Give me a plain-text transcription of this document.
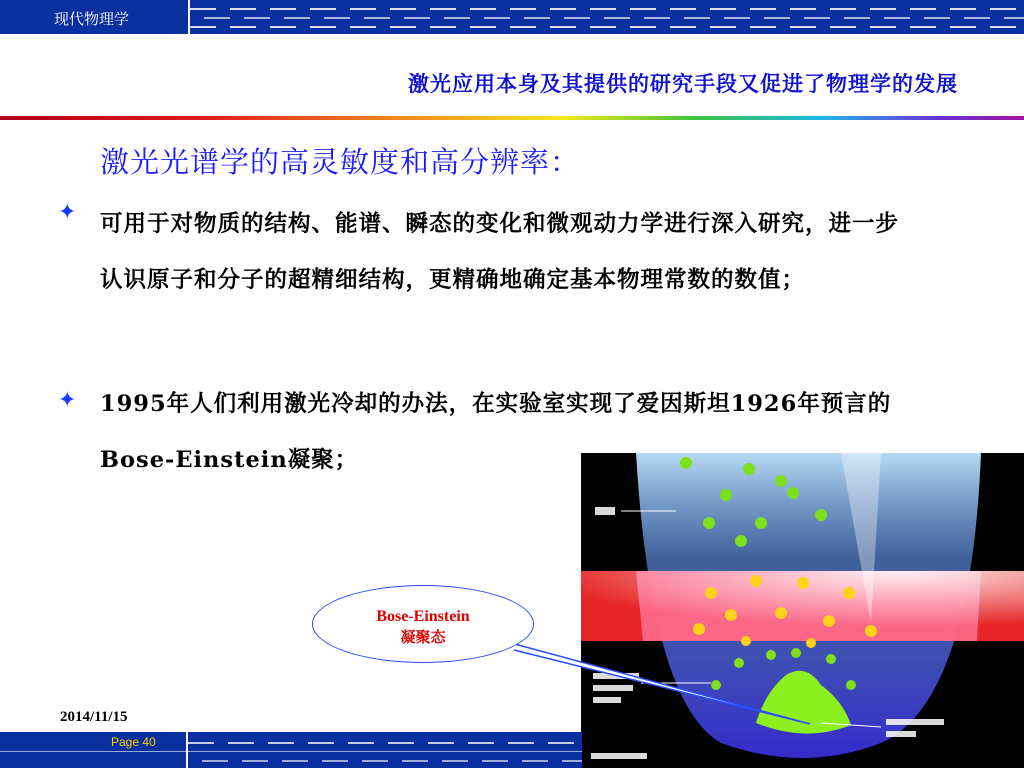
现代物理学
激光应用本身及其提供的研究手段又促进了物理学的发展
激光光谱学的高灵敏度和高分辨率：
✦ 可用于对物质的结构、能谱、瞬态的变化和微观动力学进行深入研究，进一步认识原子和分子的超精细结构，更精确地确定基本物理常数的数值；
✦ 1995年人们利用激光冷却的办法，在实验室实现了爱因斯坦1926年预言的Bose-Einstein凝聚；
Bose-Einstein
凝聚态
2014/11/15
Page 40
